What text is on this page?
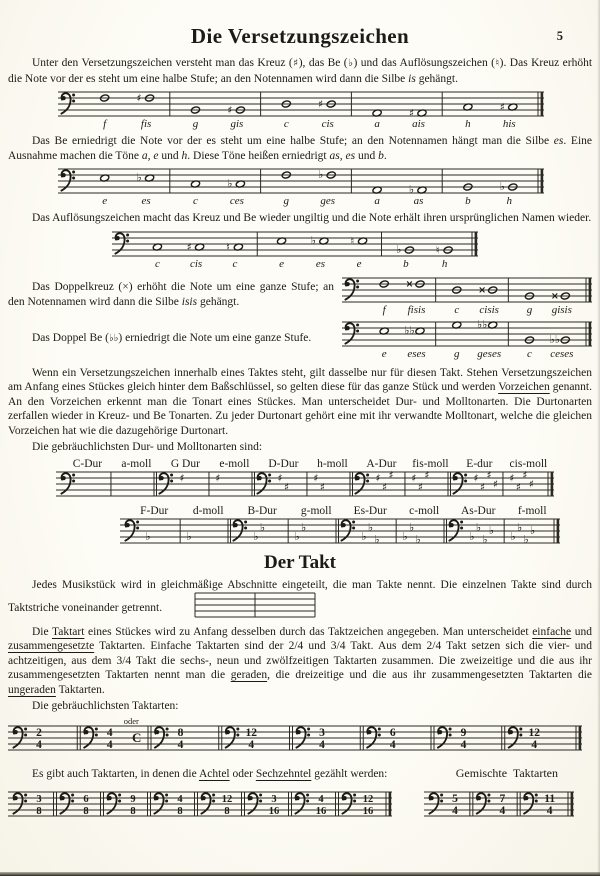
5
Die Versetzungszeichen

Unter den Versetzungszeichen versteht man das Kreuz (♯), das Be (♭) und das Auflösungszeichen (♮). Das Kreuz erhöht die Note vor der es steht um eine halbe Stufe; an den Notennamen wird dann die Silbe is gehängt.

f
♯
fis	g
♯
gis	c
♯
cis	a
♯
ais	h
♯
his

Das Be erniedrigt die Note vor der es steht um eine halbe Stufe; an den Notennamen hängt man die Silbe es. Eine Ausnahme machen die Töne a, e und h. Diese Töne heißen erniedrigt as, es und b.

e
♭
es	c
♭
ces	g
♭
ges	a
♭
as	b
♭
h

Das Auflösungszeichen macht das Kreuz und Be wieder ungiltig und die Note erhält ihren ursprünglichen Namen wieder.

c
♯
cis
♮
c	e
♭
es
♮
e
♭
b
♮
h

Das Doppelkreuz (×) erhöht die Note um eine ganze Stufe; an den Notennamen wird dann die Silbe isis gehängt.

f
×
fisis	c
×
cisis	g
×
gisis

Das Doppel Be (♭♭) erniedrigt die Note um eine ganze Stufe.

e
♭ ♭
eses	g
♭ ♭
geses c
♭ ♭
ceses

Wenn ein Versetzungszeichen innerhalb eines Taktes steht, gilt dasselbe nur für diesen Takt. Stehen Versetzungszeichen am Anfang eines Stückes gleich hinter dem Baßschlüssel, so gelten diese für das ganze Stück und werden Vorzeichen genannt. An den Vorzeichen erkennt man die Tonart eines Stückes. Man unterscheidet Dur- und Molltonarten. Die Durtonarten zerfallen wieder in Kreuz- und Be Tonarten. Zu jeder Durtonart gehört eine mit ihr verwandte Molltonart, welche die gleichen Vorzeichen hat wie die dazugehörige Durtonart.

Die gebräuchlichsten Dur- und Molltonarten sind:

C-Dur a-moll G Dur e-moll
♯	♯
D-Dur h-moll
♯
♯
♯
♯
A-Dur fis-moll
♯
♯
♯ ♯
♯
♯
E-dur cis-moll
♯
♯
♯
♯ ♯
♯
♯
♯
F-Dur d-moll
♭	♭
B-Dur g-moll
♭
♭
♭
♭
Es-Dur c-moll
♭
♭
♭ ♭
♭
♭
As-Dur f-moll
♭
♭
♭
♭ ♭
♭
♭
♭
Der Takt

Jedes Musikstück wird in gleichmäßige Abschnitte eingeteilt, die man Takte nennt. Die einzelnen Takte sind durch Taktstriche voneinander getrennt.

Die Taktart eines Stückes wird zu Anfang desselben durch das Taktzeichen angegeben. Man unterscheidet einfache und zusammengesetzte Taktarten. Einfache Taktarten sind der 2/4 und 3/4 Takt. Aus dem 2/4 Takt setzen sich die vier- und achtzeitigen, aus dem 3/4 Takt die sechs-, neun und zwölfzeitigen Taktarten zusammen. Die zweizeitige und die aus ihr zusammengesetzten Taktarten nennt man die geraden, die dreizeitige und die aus ihr zusammengesetzten Taktarten die ungeraden Taktarten.

Die gebräuchlichsten Taktarten:

2
4
4
4
oder
C	8
4
12
4
3
4
6
4
9
4
12
4

Es gibt auch Taktarten, in denen die Achtel oder Sechzehntel gezählt werden:	Gemischte Taktarten
3
8
6
8
9
8
4
8
12
8
3
16
4
16
12
16
5
4
7
4
11
4
